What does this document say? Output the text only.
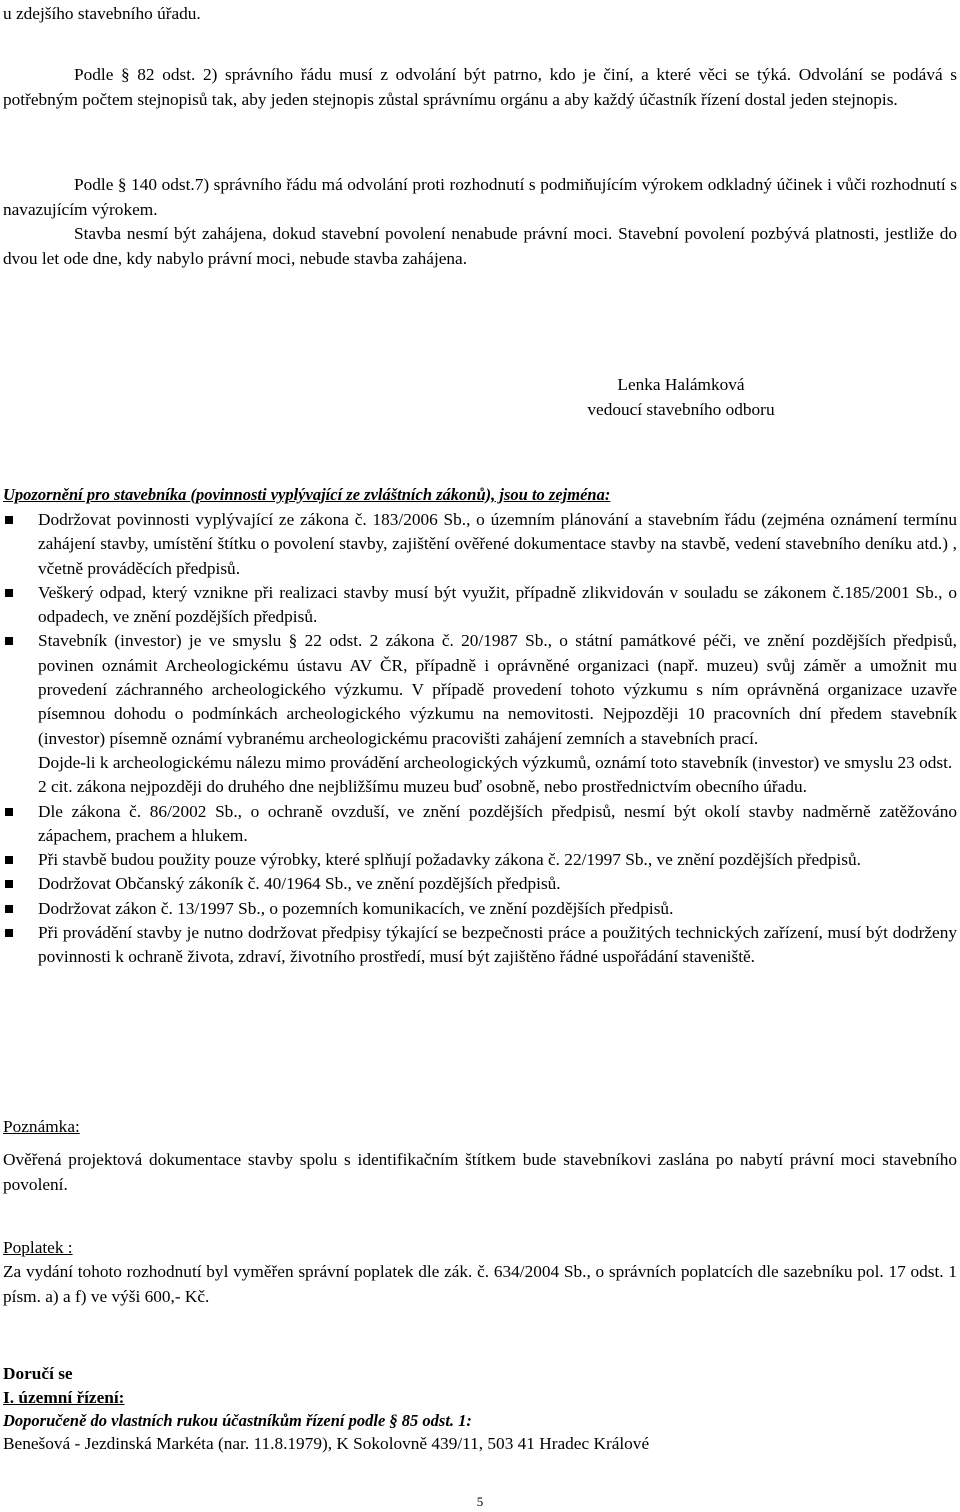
u zdejšího stavebního úřadu.

Podle § 82 odst. 2) správního řádu musí z odvolání být patrno, kdo je činí, a které věci se týká. Odvolání se podává s potřebným počtem stejnopisů tak, aby jeden stejnopis zůstal správnímu orgánu a aby každý účastník řízení dostal jeden stejnopis.

Podle § 140 odst.7) správního řádu má odvolání proti rozhodnutí s podmiňujícím výrokem odkladný účinek i vůči rozhodnutí s navazujícím výrokem.

Stavba nesmí být zahájena, dokud stavební povolení nenabude právní moci. Stavební povolení pozbývá platnosti, jestliže do dvou let ode dne, kdy nabylo právní moci, nebude stavba zahájena.

Lenka Halámková
vedoucí stavebního odboru

Upozornění pro stavebníka (povinnosti vyplývající ze zvláštních zákonů), jsou to zejména:

Dodržovat povinnosti vyplývající ze zákona č. 183/2006 Sb., o územním plánování a stavebním řádu (zejména oznámení termínu zahájení stavby, umístění štítku o povolení stavby, zajištění ověřené dokumentace stavby na stavbě, vedení stavebního deníku atd.) , včetně prováděcích předpisů.
Veškerý odpad, který vznikne při realizaci stavby musí být využit, případně zlikvidován v souladu se zákonem č.185/2001 Sb., o odpadech, ve znění pozdějších předpisů.
Stavebník (investor) je ve smyslu § 22 odst. 2 zákona č. 20/1987 Sb., o státní památkové péči, ve znění pozdějších předpisů, povinen oznámit Archeologickému ústavu AV ČR, případně i oprávněné organizaci (např. muzeu) svůj záměr a umožnit mu provedení záchranného archeologického výzkumu. V případě provedení tohoto výzkumu s ním oprávněná organizace uzavře písemnou dohodu o podmínkách archeologického výzkumu na nemovitosti. Nejpozději 10 pracovních dní předem stavebník (investor) písemně oznámí vybranému archeologickému pracovišti zahájení zemních a stavebních prací.
Dojde-li k archeologickému nálezu mimo provádění archeologických výzkumů, oznámí toto stavebník (investor) ve smyslu 23 odst. 2 cit. zákona nejpozději do druhého dne nejbližšímu muzeu buď osobně, nebo prostřednictvím obecního úřadu.
Dle zákona č. 86/2002 Sb., o ochraně ovzduší, ve znění pozdějších předpisů, nesmí být okolí stavby nadměrně zatěžováno zápachem, prachem a hlukem.
Při stavbě budou použity pouze výrobky, které splňují požadavky zákona č. 22/1997 Sb., ve znění pozdějších předpisů.
Dodržovat Občanský zákoník č. 40/1964 Sb., ve znění pozdějších předpisů.
Dodržovat zákon č. 13/1997 Sb., o pozemních komunikacích, ve znění pozdějších předpisů.
Při provádění stavby je nutno dodržovat předpisy týkající se bezpečnosti práce a použitých technických zařízení, musí být dodrženy povinnosti k ochraně života, zdraví, životního prostředí, musí být zajištěno řádné uspořádání staveniště.

Poznámka:

Ověřená projektová dokumentace stavby spolu s identifikačním štítkem bude stavebníkovi zaslána po nabytí právní moci stavebního povolení.

Poplatek :

Za vydání tohoto rozhodnutí byl vyměřen správní poplatek dle zák. č. 634/2004 Sb., o správních poplatcích dle sazebníku pol. 17 odst. 1 písm. a) a f) ve výši 600,- Kč.

Doručí se

I. územní řízení:

Doporučeně do vlastních rukou účastníkům řízení podle § 85 odst. 1:

Benešová - Jezdinská Markéta (nar. 11.8.1979), K Sokolovně 439/11, 503 41 Hradec Králové

5
